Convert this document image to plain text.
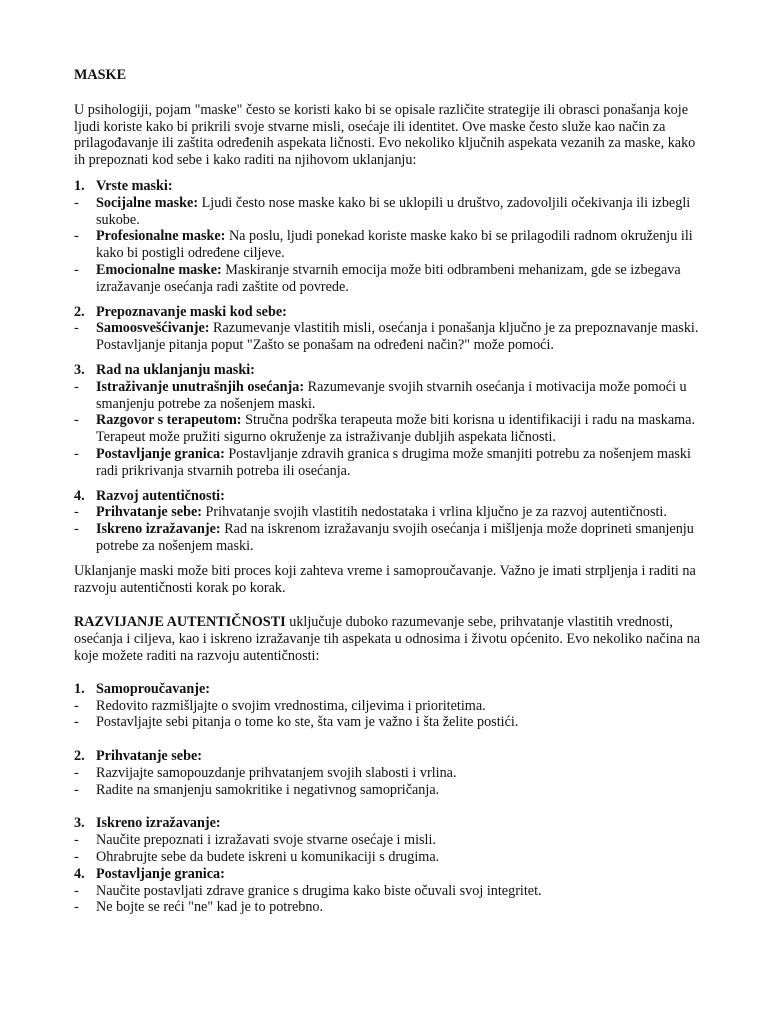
MASKE

U psihologiji, pojam "maske" često se koristi kako bi se opisale različite strategije ili obrasci ponašanja koje ljudi koriste kako bi prikrili svoje stvarne misli, osećaje ili identitet. Ove maske često služe kao način za prilagođavanje ili zaštita određenih aspekata ličnosti. Evo nekoliko ključnih aspekata vezanih za maske, kako ih prepoznati kod sebe i kako raditi na njihovom uklanjanju:

1. Vrste maski:
-	Socijalne maske: Ljudi često nose maske kako bi se uklopili u društvo, zadovoljili očekivanja ili izbegli sukobe.
-	Profesionalne maske: Na poslu, ljudi ponekad koriste maske kako bi se prilagodili radnom okruženju ili kako bi postigli određene ciljeve.
-	Emocionalne maske: Maskiranje stvarnih emocija može biti odbrambeni mehanizam, gde se izbegava izražavanje osećanja radi zaštite od povrede.
2. Prepoznavanje maski kod sebe:
-	Samoosvešćivanje: Razumevanje vlastitih misli, osećanja i ponašanja ključno je za prepoznavanje maski. Postavljanje pitanja poput "Zašto se ponašam na određeni način?" može pomoći.
3. Rad na uklanjanju maski:
-	Istraživanje unutrašnjih osećanja: Razumevanje svojih stvarnih osećanja i motivacija može pomoći u smanjenju potrebe za nošenjem maski.
-	Razgovor s terapeutom: Stručna podrška terapeuta može biti korisna u identifikaciji i radu na maskama. Terapeut može pružiti sigurno okruženje za istraživanje dubljih aspekata ličnosti.
-	Postavljanje granica: Postavljanje zdravih granica s drugima može smanjiti potrebu za nošenjem maski radi prikrivanja stvarnih potreba ili osećanja.
4. Razvoj autentičnosti:
-	Prihvatanje sebe: Prihvatanje svojih vlastitih nedostataka i vrlina ključno je za razvoj autentičnosti.
-	Iskreno izražavanje: Rad na iskrenom izražavanju svojih osećanja i mišljenja može doprineti smanjenju potrebe za nošenjem maski.

Uklanjanje maski može biti proces koji zahteva vreme i samoproučavanje. Važno je imati strpljenja i raditi na razvoju autentičnosti korak po korak.

RAZVIJANJE AUTENTIČNOSTI uključuje duboko razumevanje sebe, prihvatanje vlastitih vrednosti, osećanja i ciljeva, kao i iskreno izražavanje tih aspekata u odnosima i životu općenito. Evo nekoliko načina na koje možete raditi na razvoju autentičnosti:

1. Samoproučavanje:
-	Redovito razmišljajte o svojim vrednostima, ciljevima i prioritetima.
-	Postavljajte sebi pitanja o tome ko ste, šta vam je važno i šta želite postići.
2. Prihvatanje sebe:
-	Razvijajte samopouzdanje prihvatanjem svojih slabosti i vrlina.
-	Radite na smanjenju samokritike i negativnog samopričanja.
3. Iskreno izražavanje:
-	Naučite prepoznati i izražavati svoje stvarne osećaje i misli.
-	Ohrabrujte sebe da budete iskreni u komunikaciji s drugima.
4. Postavljanje granica:
-	Naučite postavljati zdrave granice s drugima kako biste očuvali svoj integritet.
-	Ne bojte se reći "ne" kad je to potrebno.
